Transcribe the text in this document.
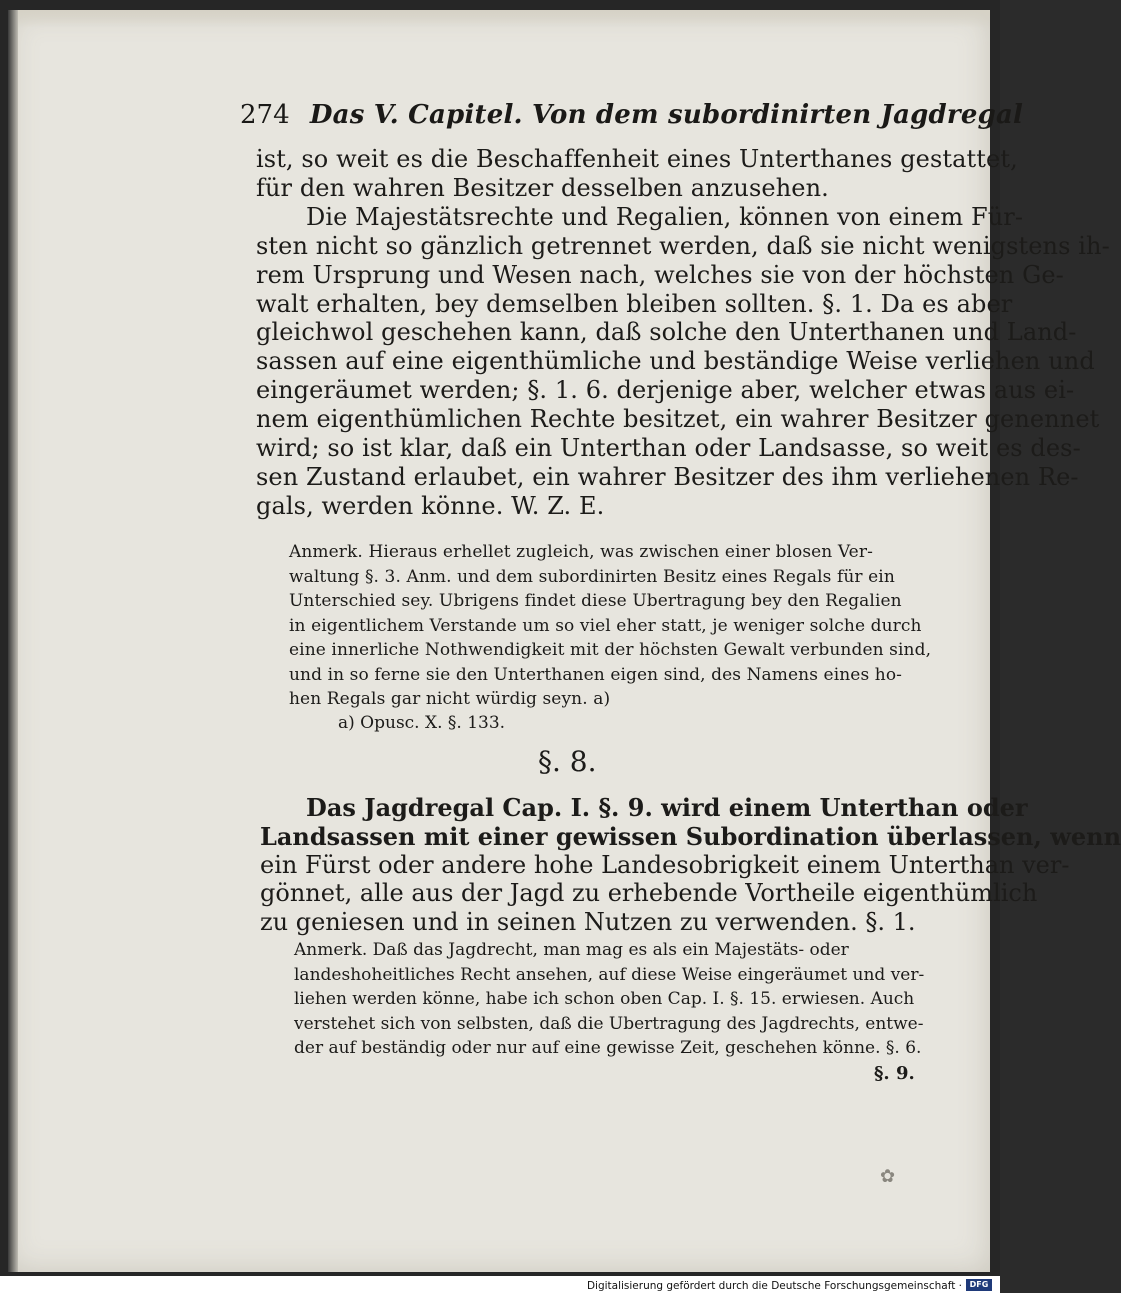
274 Das V. Capitel. Von dem subordinirten Jagdregal
ist, so weit es die Beschaffenheit eines Unterthanes gestattet,
für den wahren Besitzer desselben anzusehen.
Die Majestätsrechte und Regalien, können von einem Für-
sten nicht so gänzlich getrennet werden, daß sie nicht wenigstens ih-
rem Ursprung und Wesen nach, welches sie von der höchsten Ge-
walt erhalten, bey demselben bleiben sollten. §. 1. Da es aber
gleichwol geschehen kann, daß solche den Unterthanen und Land-
sassen auf eine eigenthümliche und beständige Weise verliehen und
eingeräumet werden; §. 1. 6. derjenige aber, welcher etwas aus ei-
nem eigenthümlichen Rechte besitzet, ein wahrer Besitzer genennet
wird; so ist klar, daß ein Unterthan oder Landsasse, so weit es des-
sen Zustand erlaubet, ein wahrer Besitzer des ihm verliehenen Re-
gals, werden könne. W. Z. E.
Anmerk. Hieraus erhellet zugleich, was zwischen einer blosen Ver-
waltung §. 3. Anm. und dem subordinirten Besitz eines Regals für ein
Unterschied sey. Ubrigens findet diese Ubertragung bey den Regalien
in eigentlichem Verstande um so viel eher statt, je weniger solche durch
eine innerliche Nothwendigkeit mit der höchsten Gewalt verbunden sind,
und in so ferne sie den Unterthanen eigen sind, des Namens eines ho-
hen Regals gar nicht würdig seyn. a)
a) Opusc. X. §. 133.
§. 8.
Das Jagdregal Cap. I. §. 9. wird einem Unterthan oder
Landsassen mit einer gewissen Subordination überlassen, wenn
ein Fürst oder andere hohe Landesobrigkeit einem Unterthan ver-
gönnet, alle aus der Jagd zu erhebende Vortheile eigenthümlich
zu geniesen und in seinen Nutzen zu verwenden. §. 1.
Anmerk. Daß das Jagdrecht, man mag es als ein Majestäts- oder
landeshoheitliches Recht ansehen, auf diese Weise eingeräumet und ver-
liehen werden könne, habe ich schon oben Cap. I. §. 15. erwiesen. Auch
verstehet sich von selbsten, daß die Ubertragung des Jagdrechts, entwe-
der auf beständig oder nur auf eine gewisse Zeit, geschehen könne. §. 6.
§. 9.
✿
Digitalisierung gefördert durch die Deutsche Forschungsgemeinschaft · DFG
